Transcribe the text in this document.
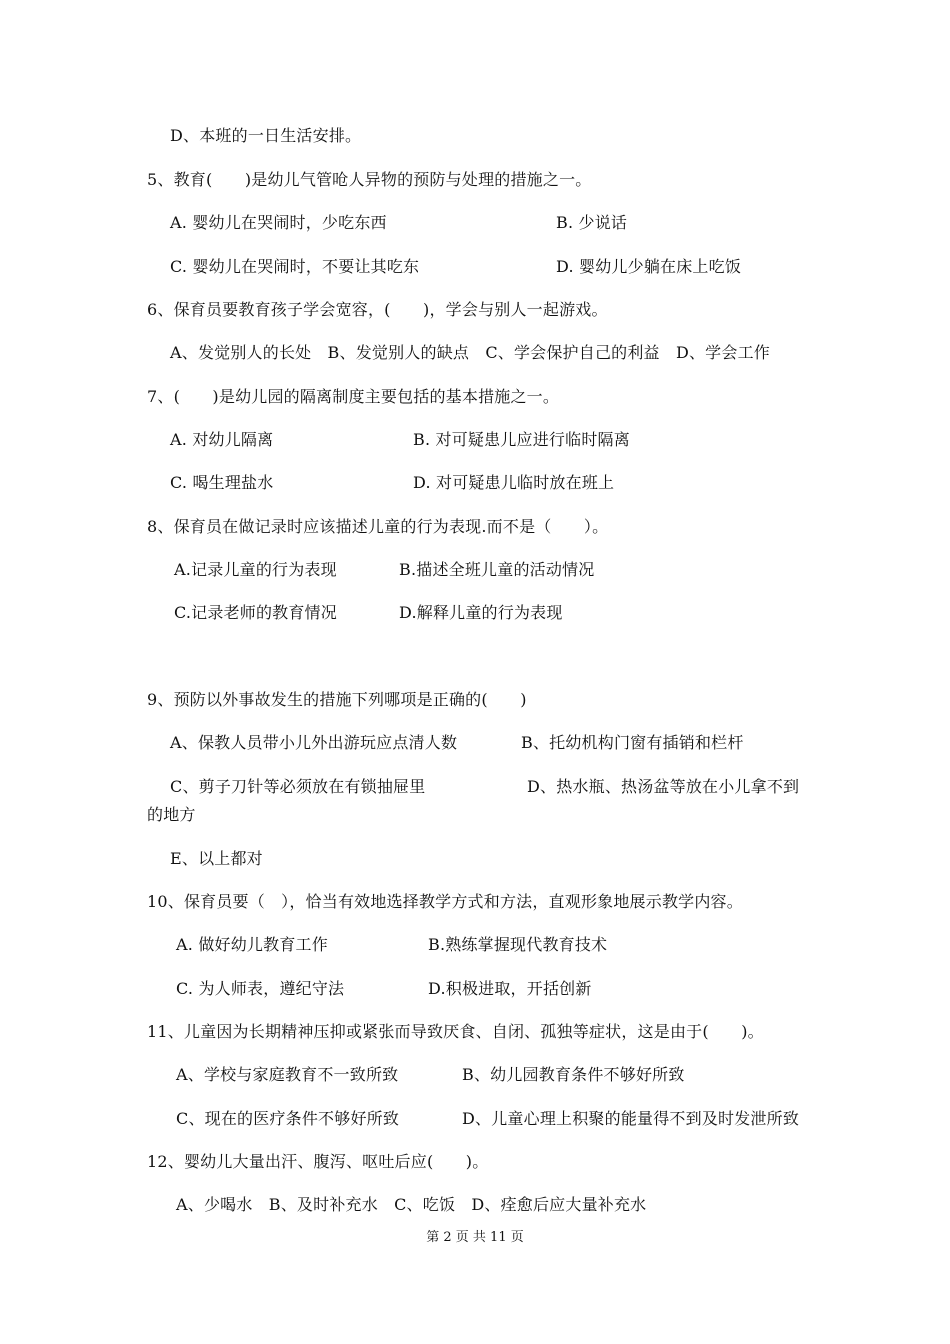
D、本班的一日生活安排。
5、教育(　　)是幼儿气管呛人异物的预防与处理的措施之一。
A. 婴幼儿在哭闹时，少吃东西	B. 少说话
C. 婴幼儿在哭闹时，不要让其吃东	D. 婴幼儿少躺在床上吃饭
6、保育员要教育孩子学会宽容，(　　)，学会与别人一起游戏。
A、发觉别人的长处　B、发觉别人的缺点　C、学会保护自己的利益　D、学会工作
7、(　　)是幼儿园的隔离制度主要包括的基本措施之一。
A. 对幼儿隔离	B. 对可疑患儿应进行临时隔离
C. 喝生理盐水	D. 对可疑患儿临时放在班上
8、保育员在做记录时应该描述儿童的行为表现.而不是（　　）。
A.记录儿童的行为表现	B.描述全班儿童的活动情况
C.记录老师的教育情况	D.解释儿童的行为表现
9、预防以外事故发生的措施下列哪项是正确的(　　)
A、保教人员带小儿外出游玩应点清人数	B、托幼机构门窗有插销和栏杆
C、剪子刀针等必须放在有锁抽屉里	D、热水瓶、热汤盆等放在小儿拿不到
的地方
E、以上都对
10、保育员要（　），恰当有效地选择教学方式和方法，直观形象地展示教学内容。
A. 做好幼儿教育工作	B.熟练掌握现代教育技术
C. 为人师表，遵纪守法	D.积极进取，开括创新
11、儿童因为长期精神压抑或紧张而导致厌食、自闭、孤独等症状，这是由于(　　)。
A、学校与家庭教育不一致所致	B、幼儿园教育条件不够好所致
C、现在的医疗条件不够好所致	D、儿童心理上积聚的能量得不到及时发泄所致
12、婴幼儿大量出汗、腹泻、呕吐后应(　　)。
A、少喝水　B、及时补充水　C、吃饭　D、痊愈后应大量补充水
第 2 页 共 11 页
